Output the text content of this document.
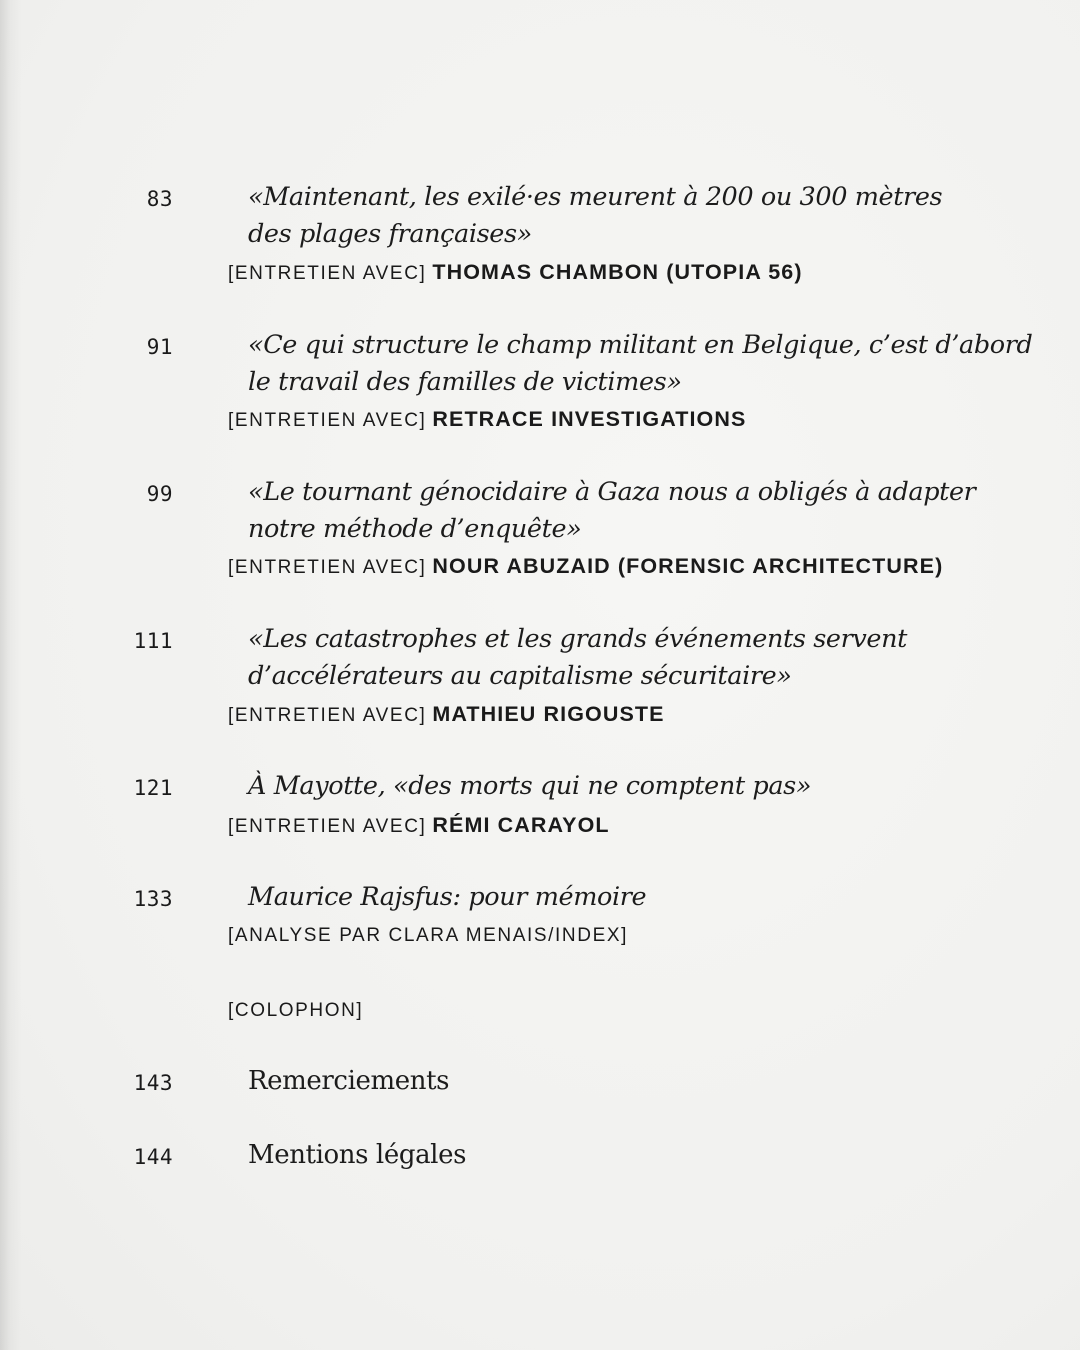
83	«Maintenant, les exilé·es meurent à 200 ou 300 mètres
des plages françaises»
[ENTRETIEN AVEC] THOMAS CHAMBON (UTOPIA 56)
91	«Ce qui structure le champ militant en Belgique, c’est d’abord
le travail des familles de victimes»
[ENTRETIEN AVEC] RETRACE INVESTIGATIONS
99	«Le tournant génocidaire à Gaza nous a obligés à adapter
notre méthode d’enquête»
[ENTRETIEN AVEC] NOUR ABUZAID (FORENSIC ARCHITECTURE)
111	«Les catastrophes et les grands événements servent
d’accélérateurs au capitalisme sécuritaire»
[ENTRETIEN AVEC] MATHIEU RIGOUSTE
121	À Mayotte, «des morts qui ne comptent pas»
[ENTRETIEN AVEC] RÉMI CARAYOL
133	Maurice Rajsfus: pour mémoire
[ANALYSE PAR CLARA MENAIS/INDEX]
[COLOPHON]
143	Remerciements
144	Mentions légales
